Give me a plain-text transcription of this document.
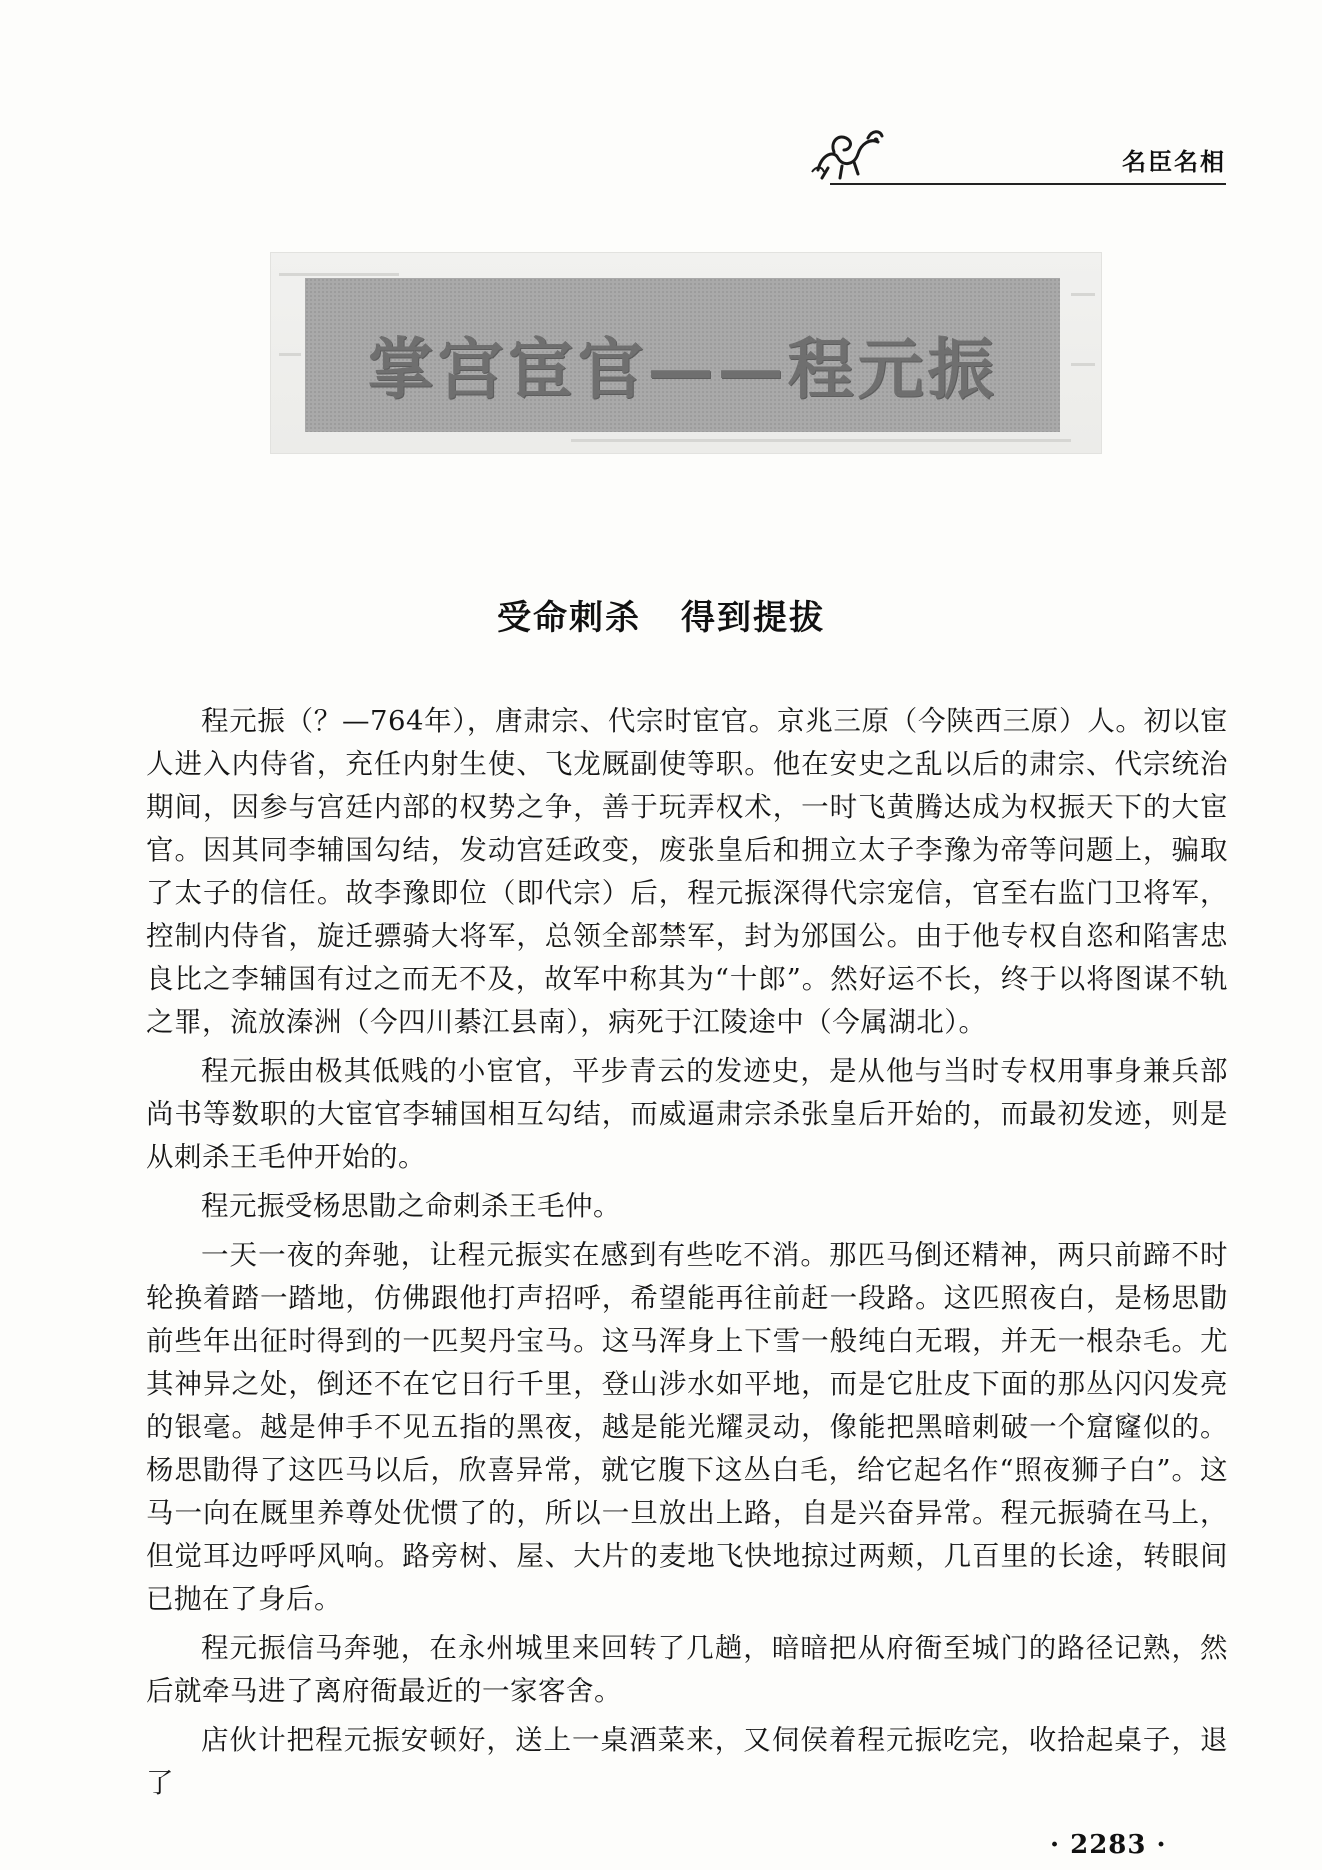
名臣名相
掌宫宦官——程元振
受命刺杀 得到提拔

程元振（？—764年），唐肃宗、代宗时宦官。京兆三原（今陕西三原）人。初以宦人进入内侍省，充任内射生使、飞龙厩副使等职。他在安史之乱以后的肃宗、代宗统治期间，因参与宫廷内部的权势之争，善于玩弄权术，一时飞黄腾达成为权振天下的大宦官。因其同李辅国勾结，发动宫廷政变，废张皇后和拥立太子李豫为帝等问题上，骗取了太子的信任。故李豫即位（即代宗）后，程元振深得代宗宠信，官至右监门卫将军，控制内侍省，旋迁骠骑大将军，总领全部禁军，封为邠国公。由于他专权自恣和陷害忠良比之李辅国有过之而无不及，故军中称其为“十郎”。然好运不长，终于以将图谋不轨之罪，流放溱洲（今四川綦江县南），病死于江陵途中（今属湖北）。

程元振由极其低贱的小宦官，平步青云的发迹史，是从他与当时专权用事身兼兵部尚书等数职的大宦官李辅国相互勾结，而威逼肃宗杀张皇后开始的，而最初发迹，则是从刺杀王毛仲开始的。

程元振受杨思勖之命刺杀王毛仲。

一天一夜的奔驰，让程元振实在感到有些吃不消。那匹马倒还精神，两只前蹄不时轮换着踏一踏地，仿佛跟他打声招呼，希望能再往前赶一段路。这匹照夜白，是杨思勖前些年出征时得到的一匹契丹宝马。这马浑身上下雪一般纯白无瑕，并无一根杂毛。尤其神异之处，倒还不在它日行千里，登山涉水如平地，而是它肚皮下面的那丛闪闪发亮的银毫。越是伸手不见五指的黑夜，越是能光耀灵动，像能把黑暗刺破一个窟窿似的。杨思勖得了这匹马以后，欣喜异常，就它腹下这丛白毛，给它起名作“照夜狮子白”。这马一向在厩里养尊处优惯了的，所以一旦放出上路，自是兴奋异常。程元振骑在马上，但觉耳边呼呼风响。路旁树、屋、大片的麦地飞快地掠过两颊，几百里的长途，转眼间已抛在了身后。

程元振信马奔驰，在永州城里来回转了几趟，暗暗把从府衙至城门的路径记熟，然后就牵马进了离府衙最近的一家客舍。

店伙计把程元振安顿好，送上一桌酒菜来，又伺侯着程元振吃完，收拾起桌子，退了

· 2283 ·
